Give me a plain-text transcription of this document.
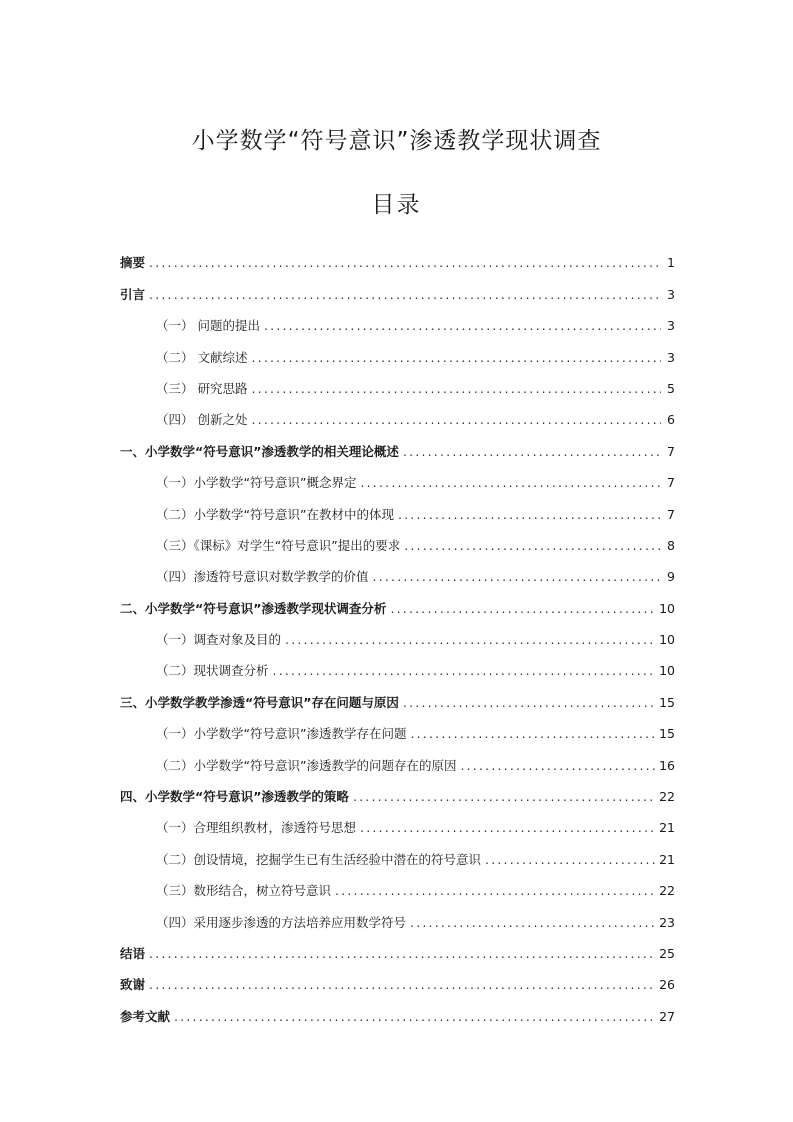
小学数学“符号意识”渗透教学现状调查
目录
摘要 .....	1
引言 .....	3
（一） 问题的提出 .....	3
（二） 文献综述 .....	3
（三） 研究思路 .....	5
（四） 创新之处 .....	6
一、小学数学“符号意识”渗透教学的相关理论概述 .....	7
（一）小学数学“符号意识”概念界定 .....	7
（二）小学数学“符号意识”在教材中的体现 .....	7
（三）《课标》对学生“符号意识”提出的要求 .....	8
（四）渗透符号意识对数学教学的价值 .....	9
二、小学数学“符号意识”渗透教学现状调查分析 .....	10
（一）调查对象及目的 .....	10
（二）现状调查分析 .....	10
三、小学数学教学渗透“符号意识”存在问题与原因 .....	15
（一）小学数学“符号意识”渗透教学存在问题 .....	15
（二）小学数学“符号意识”渗透教学的问题存在的原因 .....	16
四、小学数学“符号意识”渗透教学的策略 .....	22
（一）合理组织教材，渗透符号思想 .....	21
（二）创设情境，挖掘学生已有生活经验中潜在的符号意识 .....	21
（三）数形结合，树立符号意识 .....	22
（四）采用逐步渗透的方法培养应用数学符号 .....	23
结语 .....	25
致谢 .....	26
参考文献 .....	27
